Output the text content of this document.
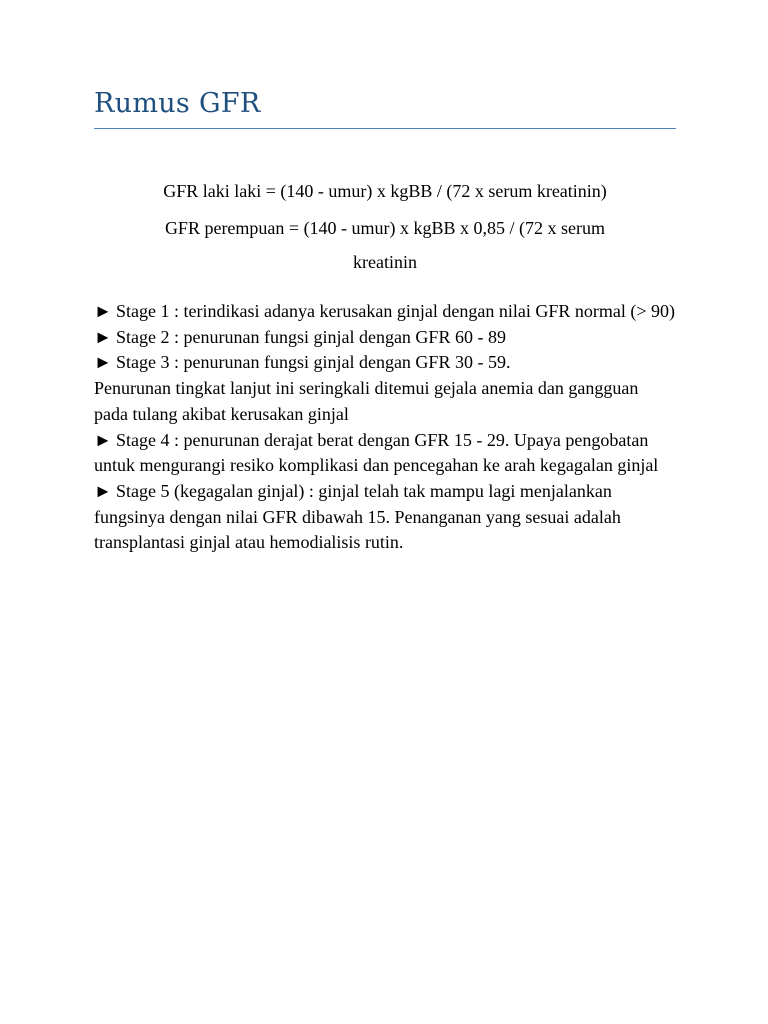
Rumus GFR
GFR laki laki = (140 - umur) x kgBB / (72 x serum kreatinin)
GFR perempuan = (140 - umur) x kgBB x 0,85 / (72 x serum
kreatinin

► Stage 1 : terindikasi adanya kerusakan ginjal dengan nilai GFR normal (> 90)

► Stage 2 : penurunan fungsi ginjal dengan GFR 60 - 89

► Stage 3 : penurunan fungsi ginjal dengan GFR 30 - 59.

Penurunan tingkat lanjut ini seringkali ditemui gejala anemia dan gangguan pada tulang akibat kerusakan ginjal

► Stage 4 : penurunan derajat berat dengan GFR 15 - 29. Upaya pengobatan untuk mengurangi resiko komplikasi dan pencegahan ke arah kegagalan ginjal

► Stage 5 (kegagalan ginjal) : ginjal telah tak mampu lagi menjalankan fungsinya dengan nilai GFR dibawah 15. Penanganan yang sesuai adalah transplantasi ginjal atau hemodialisis rutin.
